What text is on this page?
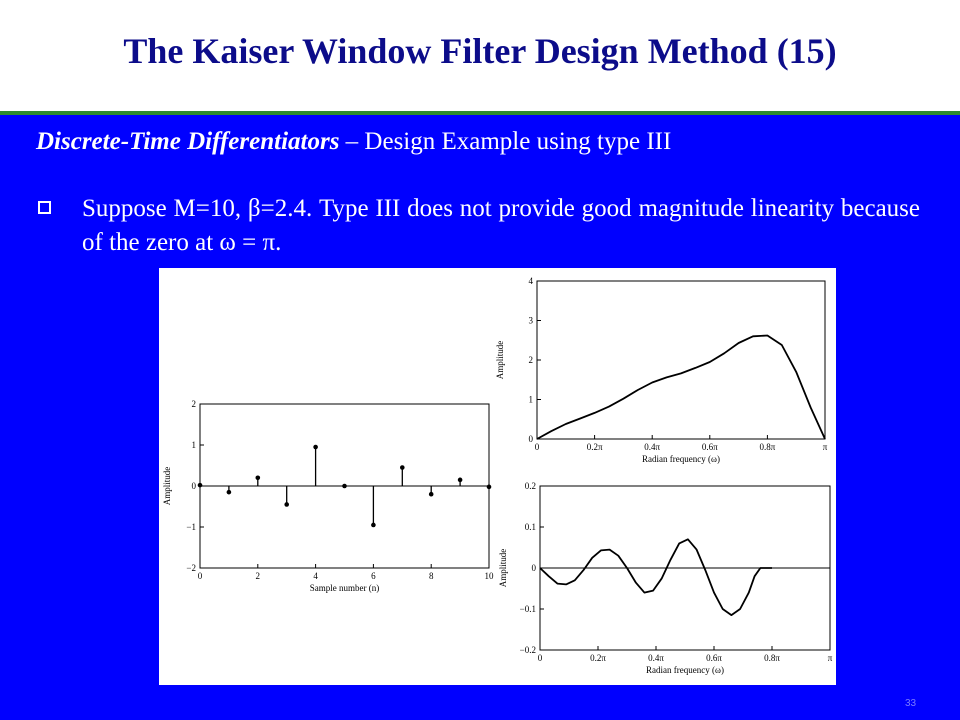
The Kaiser Window Filter Design Method (15)
Discrete-Time Differentiators – Design Example using type III
Suppose M=10, β=2.4. Type III does not provide good magnitude linearity because of the zero at ω = π.
0	2	4	6	8	10
−2
−1
0
1
2
Sample number (n)
Amplitude
0	0.2π	0.4π	0.6π	0.8π	π
0
1
2
3
4
Radian frequency (ω)
Amplitude
0	0.2π	0.4π	0.6π	0.8π	π
−0.2
−0.1
0
0.1
0.2
Radian frequency (ω)
Amplitude
33
